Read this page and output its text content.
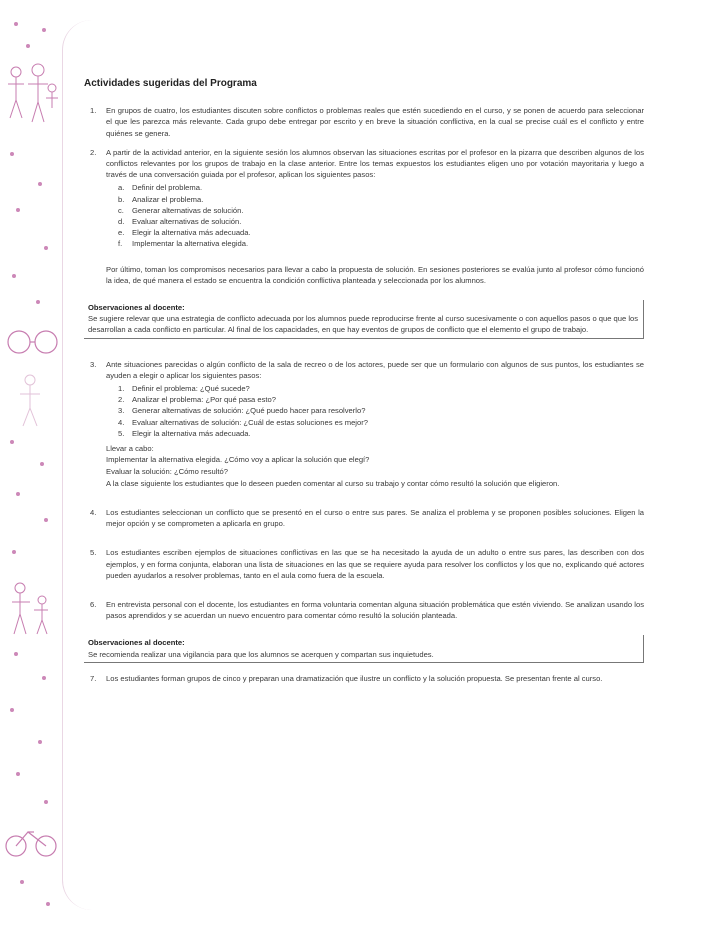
Actividades sugeridas del Programa
1.	En grupos de cuatro, los estudiantes discuten sobre conflictos o problemas reales que estén sucediendo en el curso, y se ponen de acuerdo para seleccionar el que les parezca más relevante. Cada grupo debe entregar por escrito y en breve la situación conflictiva, en la cual se precise cuál es el conflicto y entre quiénes se genera.
2.	A partir de la actividad anterior, en la siguiente sesión los alumnos observan las situaciones escritas por el profesor en la pizarra que describen algunos de los conflictos relevantes por los grupos de trabajo en la clase anterior. Entre los temas expuestos los estudiantes eligen uno por votación mayoritaria y luego a través de una conversación guiada por el profesor, aplican los siguientes pasos:

a.	Definir del problema.
b.	Analizar el problema.
c.	Generar alternativas de solución.
d.	Evaluar alternativas de solución.
e.	Elegir la alternativa más adecuada.
f.	Implementar la alternativa elegida.
Por último, toman los compromisos necesarios para llevar a cabo la propuesta de solución. En sesiones posteriores se evalúa junto al profesor cómo funcionó la idea, de qué manera el estado se encuentra la condición conflictiva planteada y seleccionada por los alumnos.
Observaciones al docente:
Se sugiere relevar que una estrategia de conflicto adecuada por los alumnos puede reproducirse frente al curso sucesivamente o con aquellos pasos o que que los desarrollan a cada conflicto en particular. Al final de los capacidades, en que hay eventos de grupos de conflicto que el elemento el grupo de trabajo.
3.	Ante situaciones parecidas o algún conflicto de la sala de recreo o de los actores, puede ser que un formulario con algunos de sus puntos, los estudiantes se ayuden a elegir o aplicar los siguientes pasos:

1.	Definir el problema: ¿Qué sucede?
2.	Analizar el problema: ¿Por qué pasa esto?
3.	Generar alternativas de solución: ¿Qué puedo hacer para resolverlo?
4.	Evaluar alternativas de solución: ¿Cuál de estas soluciones es mejor?
5.	Elegir la alternativa más adecuada.
Llevar a cabo:
Implementar la alternativa elegida. ¿Cómo voy a aplicar la solución que elegí?
Evaluar la solución: ¿Cómo resultó?
A la clase siguiente los estudiantes que lo deseen pueden comentar al curso su trabajo y contar cómo resultó la solución que eligieron.
4.	Los estudiantes seleccionan un conflicto que se presentó en el curso o entre sus pares. Se analiza el problema y se proponen posibles soluciones. Eligen la mejor opción y se comprometen a aplicarla en grupo.
5.	Los estudiantes escriben ejemplos de situaciones conflictivas en las que se ha necesitado la ayuda de un adulto o entre sus pares, las describen con dos ejemplos, y en forma conjunta, elaboran una lista de situaciones en las que se requiere ayuda para resolver los conflictos y los que no, explicando qué actores pueden ayudarlos a resolver problemas, tanto en el aula como fuera de la escuela.
6.	En entrevista personal con el docente, los estudiantes en forma voluntaria comentan alguna situación problemática que estén viviendo. Se analizan usando los pasos aprendidos y se acuerdan un nuevo encuentro para comentar cómo resultó la solución planteada.
Observaciones al docente:
Se recomienda realizar una vigilancia para que los alumnos se acerquen y compartan sus inquietudes.
7.	Los estudiantes forman grupos de cinco y preparan una dramatización que ilustre un conflicto y la solución propuesta. Se presentan frente al curso.
